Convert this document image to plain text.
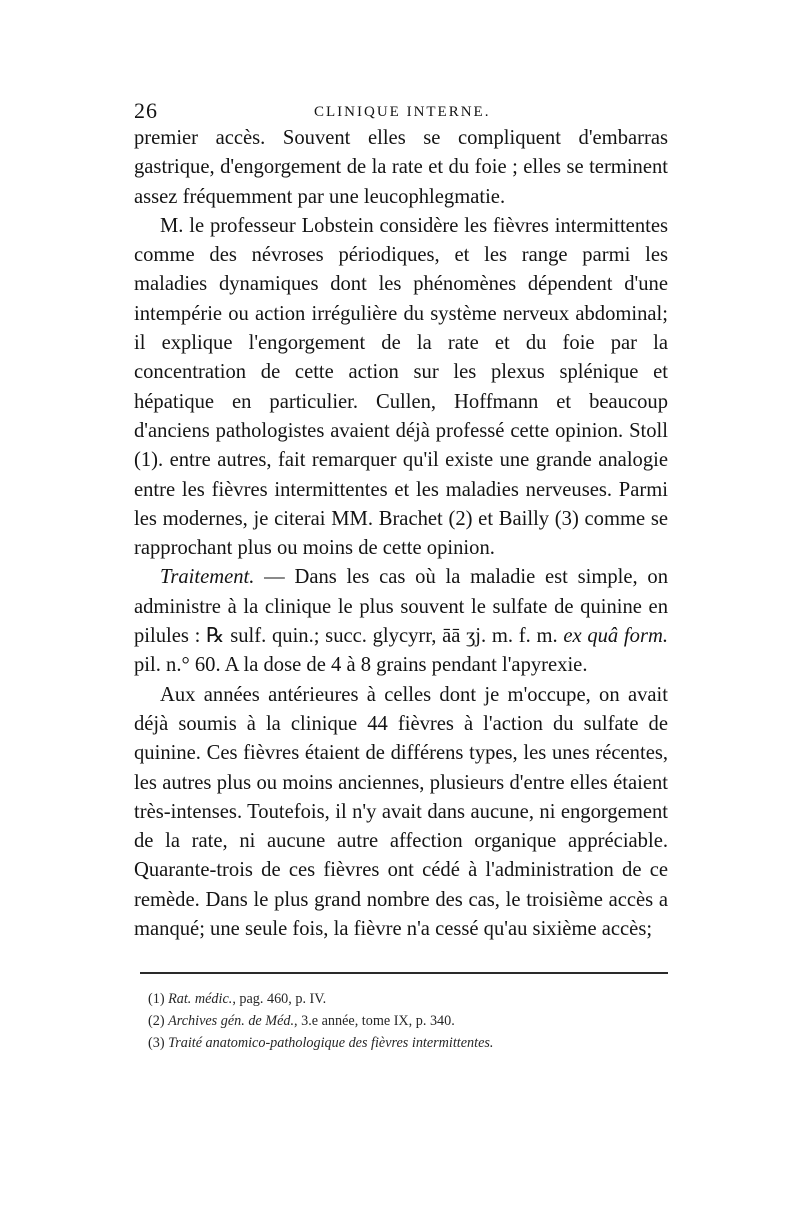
26	CLINIQUE INTERNE.

premier accès. Souvent elles se compliquent d'embarras gastrique, d'engorgement de la rate et du foie ; elles se terminent assez fréquemment par une leucophlegmatie.

M. le professeur Lobstein considère les fièvres intermittentes comme des névroses périodiques, et les range parmi les maladies dynamiques dont les phénomènes dépendent d'une intempérie ou action irrégulière du système nerveux abdominal; il explique l'engorgement de la rate et du foie par la concentration de cette action sur les plexus splénique et hépatique en particulier. Cullen, Hoffmann et beaucoup d'anciens pathologistes avaient déjà professé cette opinion. Stoll (1). entre autres, fait remarquer qu'il existe une grande analogie entre les fièvres intermittentes et les maladies nerveuses. Parmi les modernes, je citerai MM. Brachet (2) et Bailly (3) comme se rapprochant plus ou moins de cette opinion.

Traitement. — Dans les cas où la maladie est simple, on administre à la clinique le plus souvent le sulfate de quinine en pilules : ℞ sulf. quin.; succ. glycyrr, āā ʒj. m. f. m. ex quâ form. pil. n.° 60. A la dose de 4 à 8 grains pendant l'apyrexie.

Aux années antérieures à celles dont je m'occupe, on avait déjà soumis à la clinique 44 fièvres à l'action du sulfate de quinine. Ces fièvres étaient de différens types, les unes récentes, les autres plus ou moins anciennes, plusieurs d'entre elles étaient très-intenses. Toutefois, il n'y avait dans aucune, ni engorgement de la rate, ni aucune autre affection organique appréciable. Quarante-trois de ces fièvres ont cédé à l'administration de ce remède. Dans le plus grand nombre des cas, le troisième accès a manqué; une seule fois, la fièvre n'a cessé qu'au sixième accès;

(1) Rat. médic., pag. 460, p. IV.
(2) Archives gén. de Méd., 3.e année, tome IX, p. 340.
(3) Traité anatomico-pathologique des fièvres intermittentes.
